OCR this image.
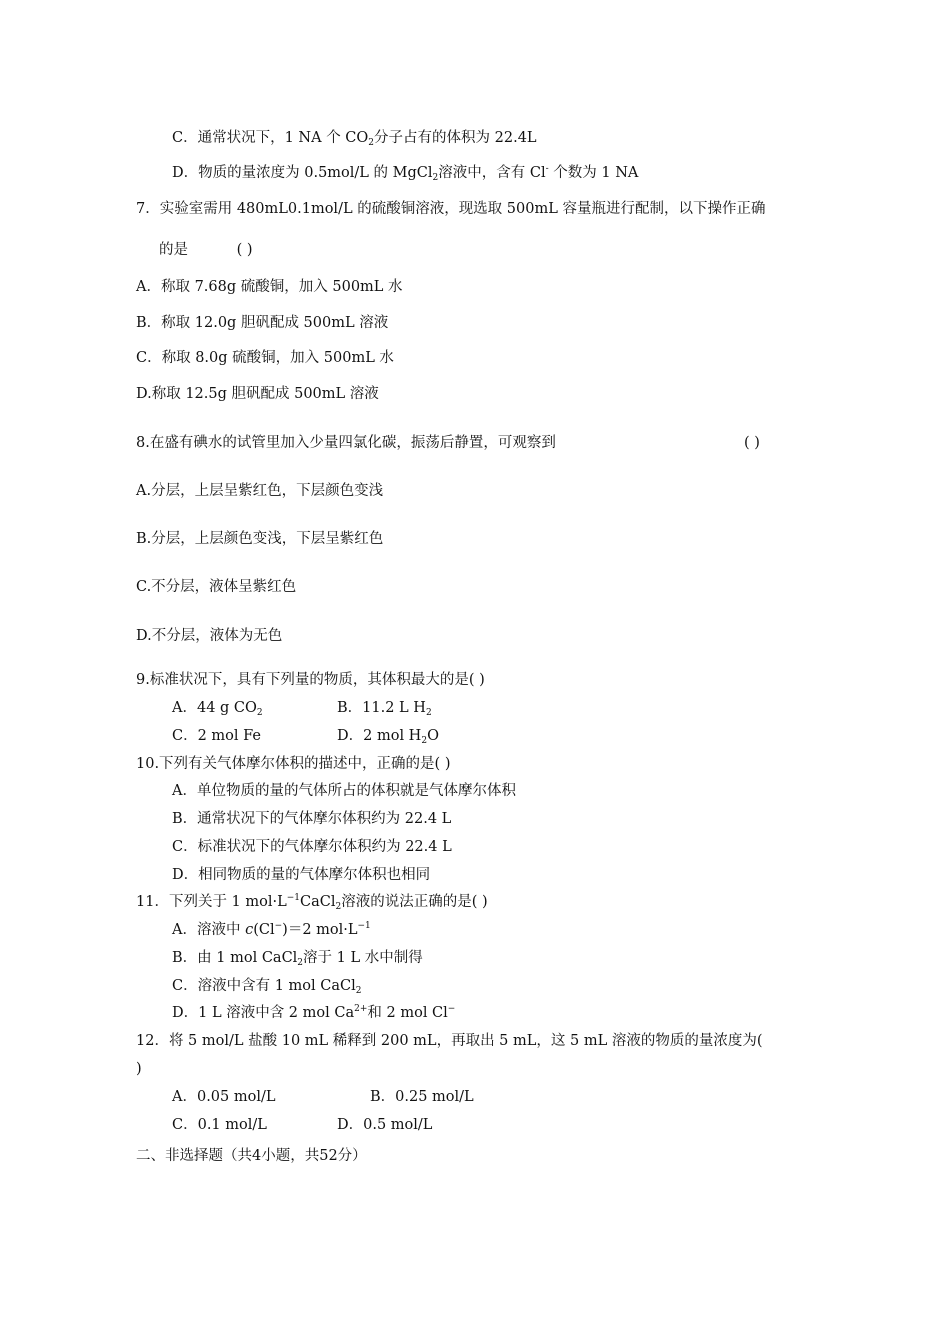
C．通常状况下，1 NA 个 $CO_2$分子占有的体积为 22.4L
D．物质的量浓度为 0.5mol/L 的 MgCl$_2$溶液中，含有 Cl- 个数为 1 NA
7．实验室需用 480mL0.1mol/L 的硫酸铜溶液，现选取 500mL 容量瓶进行配制，以下操作正确
的是	( )
A．称取 7.68g 硫酸铜，加入 500mL 水
B．称取 12.0g 胆矾配成 500mL 溶液
C．称取 8.0g 硫酸铜，加入 500mL 水
D.称取 12.5g 胆矾配成 500mL 溶液
8.在盛有碘水的试管里加入少量四氯化碳，振荡后静置，可观察到	( )
A.分层，上层呈紫红色，下层颜色变浅
B.分层，上层颜色变浅，下层呈紫红色
C.不分层，液体呈紫红色
D.不分层，液体为无色
9.标准状况下，具有下列量的物质，其体积最大的是( )
A．44 g $CO_2$	B．11.2 L $H_2$
C．2 mol Fe	D．2 mol $H_2O$
10.下列有关气体摩尔体积的描述中，正确的是( )
A．单位物质的量的气体所占的体积就是气体摩尔体积
B．通常状况下的气体摩尔体积约为 22.4 L
C．标准状况下的气体摩尔体积约为 22.4 L
D．相同物质的量的气体摩尔体积也相同
11．下列关于 1 $mol\cdot L^{-1}CaCl_2$溶液的说法正确的是( )
A．溶液中 c(Cl−)＝2 $mol\cdot L^{-1}$
B．由 1 mol CaCl$_2$溶于 1 L 水中制得
C．溶液中含有 1 mol CaCl$_2$
D．1 L 溶液中含 2 mol $Ca^{2+}$和 2 mol Cl−
12．将 5 mol/L 盐酸 10 mL 稀释到 200 mL，再取出 5 mL，这 5 mL 溶液的物质的量浓度为(
)
A．0.05 mol/L	B．0.25 mol/L
C．0.1 mol/L	D．0.5 mol/L
二、非选择题（共4小题，共52分）
